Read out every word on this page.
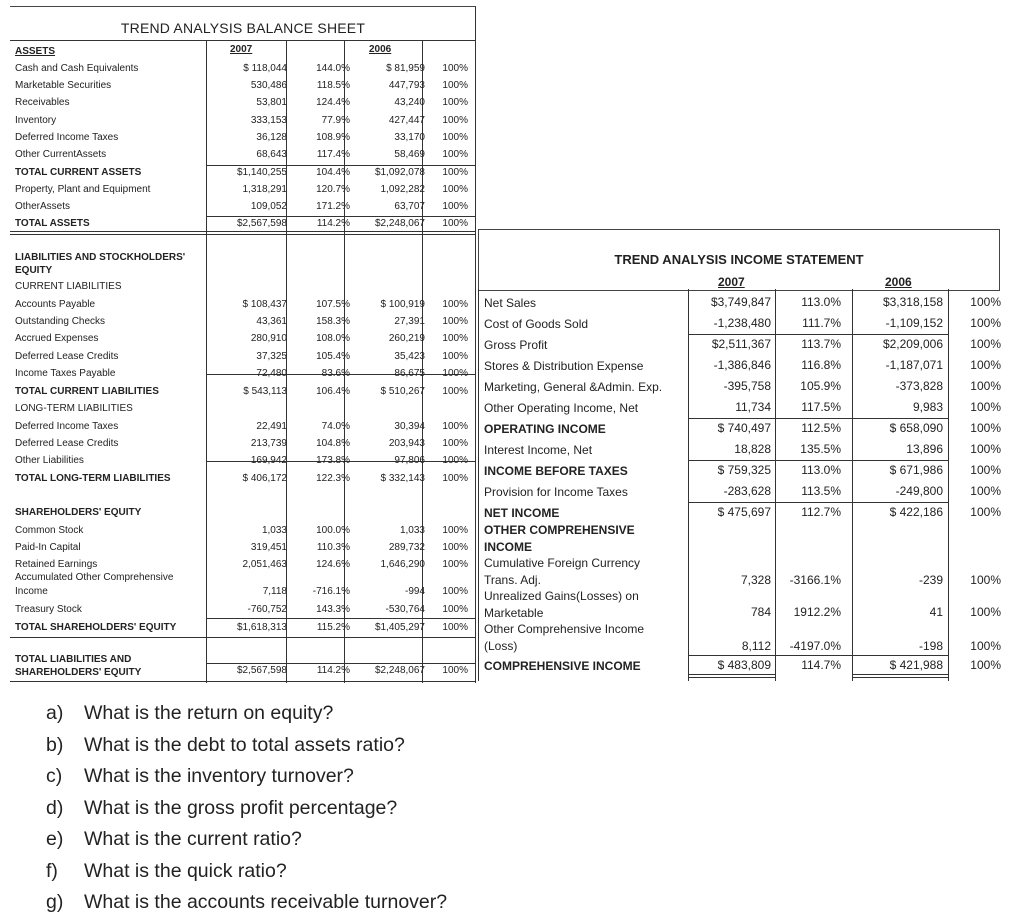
TREND ANALYSIS BALANCE SHEET
2007	2006
ASSETS
Cash and Cash Equivalents	$ 118,044	144.0%	$ 81,959 100%
Marketable Securities	530,486	118.5%	447,793 100%
Receivables	53,801	124.4%	43,240 100%
Inventory	333,153	77.9%	427,447 100%
Deferred Income Taxes	36,128	108.9%	33,170 100%
Other CurrentAssets	68,643	117.4%	58,469 100%
TOTAL CURRENT ASSETS	$1,140,255	104.4% $1,092,078 100%
Property, Plant and Equipment	1,318,291	120.7%	1,092,282 100%
OtherAssets	109,052	171.2%	63,707 100%
TOTAL ASSETS	$2,567,598	114.2% $2,248,067 100%
LIABILITIES AND STOCKHOLDERS'
EQUITY
CURRENT LIABILITIES
Accounts Payable	$ 108,437	107.5%	$ 100,919 100%
Outstanding Checks	43,361	158.3%	27,391 100%
Accrued Expenses	280,910	108.0%	260,219 100%
Deferred Lease Credits	37,325	105.4%	35,423 100%
Income Taxes Payable	72,480	83.6%	86,675 100%
TOTAL CURRENT LIABILITIES	$ 543,113	106.4%	$ 510,267 100%
LONG-TERM LIABILITIES
Deferred Income Taxes	22,491	74.0%	30,394 100%
Deferred Lease Credits	213,739	104.8%	203,943 100%
Other Liabilities	169,942	173.8%	97,806 100%
TOTAL LONG-TERM LIABILITIES	$ 406,172	122.3%	$ 332,143 100%
SHAREHOLDERS' EQUITY
Common Stock	1,033	100.0%	1,033 100%
Paid-In Capital	319,451	110.3%	289,732 100%
Retained Earnings	2,051,463	124.6%	1,646,290 100%
Accumulated Other Comprehensive
Income	7,118	-716.1%	-994 100%
Treasury Stock	-760,752	143.3%	-530,764 100%
TOTAL SHAREHOLDERS' EQUITY	$1,618,313	115.2% $1,405,297 100%
TOTAL LIABILITIES AND
SHAREHOLDERS' EQUITY	$2,567,598	114.2% $2,248,067 100%
TREND ANALYSIS INCOME STATEMENT
2007	2006
Net Sales	$3,749,847	113.0%	$3,318,158 100%
Cost of Goods Sold	-1,238,480	111.7%	-1,109,152 100%
Gross Profit	$2,511,367	113.7%	$2,209,006 100%
Stores & Distribution Expense	-1,386,846	116.8%	-1,187,071 100%
Marketing, General &Admin. Exp.	-395,758 105.9%	-373,828 100%
Other Operating Income, Net	11,734	117.5%	9,983 100%
OPERATING INCOME	$ 740,497	112.5%	$ 658,090 100%
Interest Income, Net	18,828 135.5%	13,896 100%
INCOME BEFORE TAXES	$ 759,325	113.0%	$ 671,986 100%
Provision for Income Taxes	-283,628	113.5%	-249,800 100%
NET INCOME	$ 475,697	112.7%	$ 422,186 100%
OTHER COMPREHENSIVE
INCOME
Cumulative Foreign Currency
Trans. Adj.	7,328 -3166.1%	-239 100%
Unrealized Gains(Losses) on
Marketable	784 1912.2%	41 100%
Other Comprehensive Income
(Loss)	8,112 -4197.0%	-198 100%
COMPREHENSIVE INCOME	$ 483,809	114.7%	$ 421,988 100%
a)	What is the return on equity?
b)	What is the debt to total assets ratio?
c)	What is the inventory turnover?
d)	What is the gross profit percentage?
e)	What is the current ratio?
f)	What is the quick ratio?
g)	What is the accounts receivable turnover?
